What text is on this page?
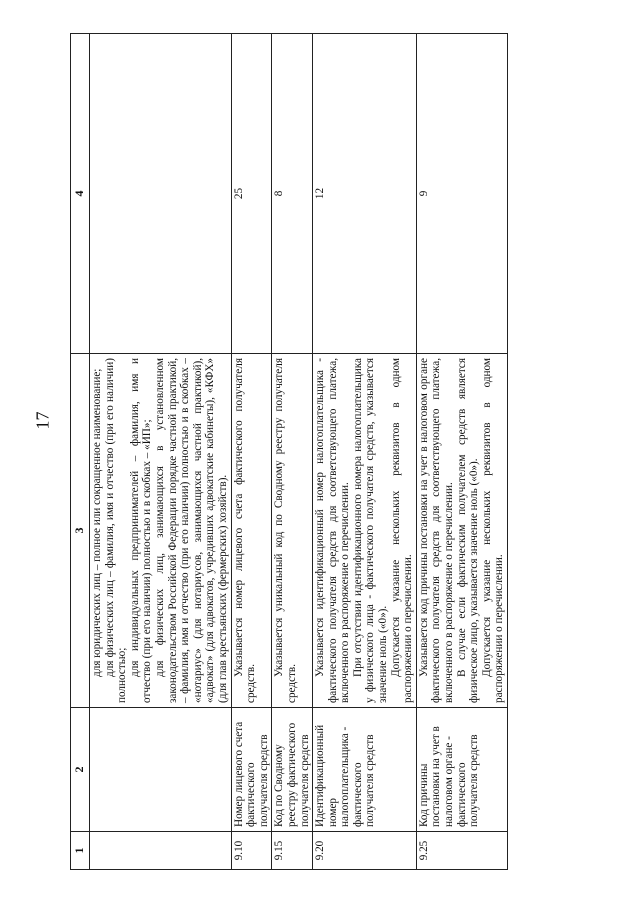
17
1	2	3	4

		для юридических лиц – полное или сокращенное наименование; для физических лиц – фамилия, имя и отчество (при его наличии) полностью; для индивидуальных предпринимателей – фамилия, имя и отчество (при его наличии) полностью и в скобках – «ИП»; для физических лиц, занимающихся в установленном законодательством Российской Федерации порядке частной практикой, – фамилия, имя и отчество (при его наличии) полностью и в скобках – «нотариус» (для нотариусов, занимающихся частной практикой), «адвокат» (для адвокатов, учредивших адвокатские кабинеты), «КФХ» (для глав крестьянских (фермерских) хозяйств).	

9.10	Номер лицевого счета фактического получателя средств	Указывается номер лицевого счета фактического получателя средств.	25
9.15	Код по Сводному реестру фактического получателя средств	Указывается уникальный код по Сводному реестру получателя средств.	8
9.20	Идентификационный номер налогоплательщика - фактического получателя средств	Указывается идентификационный номер налогоплательщика - фактического получателя средств для соответствующего платежа, включенного в распоряжение о перечислении. При отсутствии идентификационного номера налогоплательщика у физического лица - фактического получателя средств, указывается значение ноль («0»). Допускается указание нескольких реквизитов в одном распоряжении о перечислении.	12
9.25	Код причины постановки на учет в налоговом органе - фактического получателя средств	Указывается код причины постановки на учет в налоговом органе фактического получателя средств для соответствующего платежа, включенного в распоряжение о перечислении. В случае если фактическим получателем средств является физическое лицо, указывается значение ноль («0»). Допускается указание нескольких реквизитов в одном распоряжении о перечислении.	9
